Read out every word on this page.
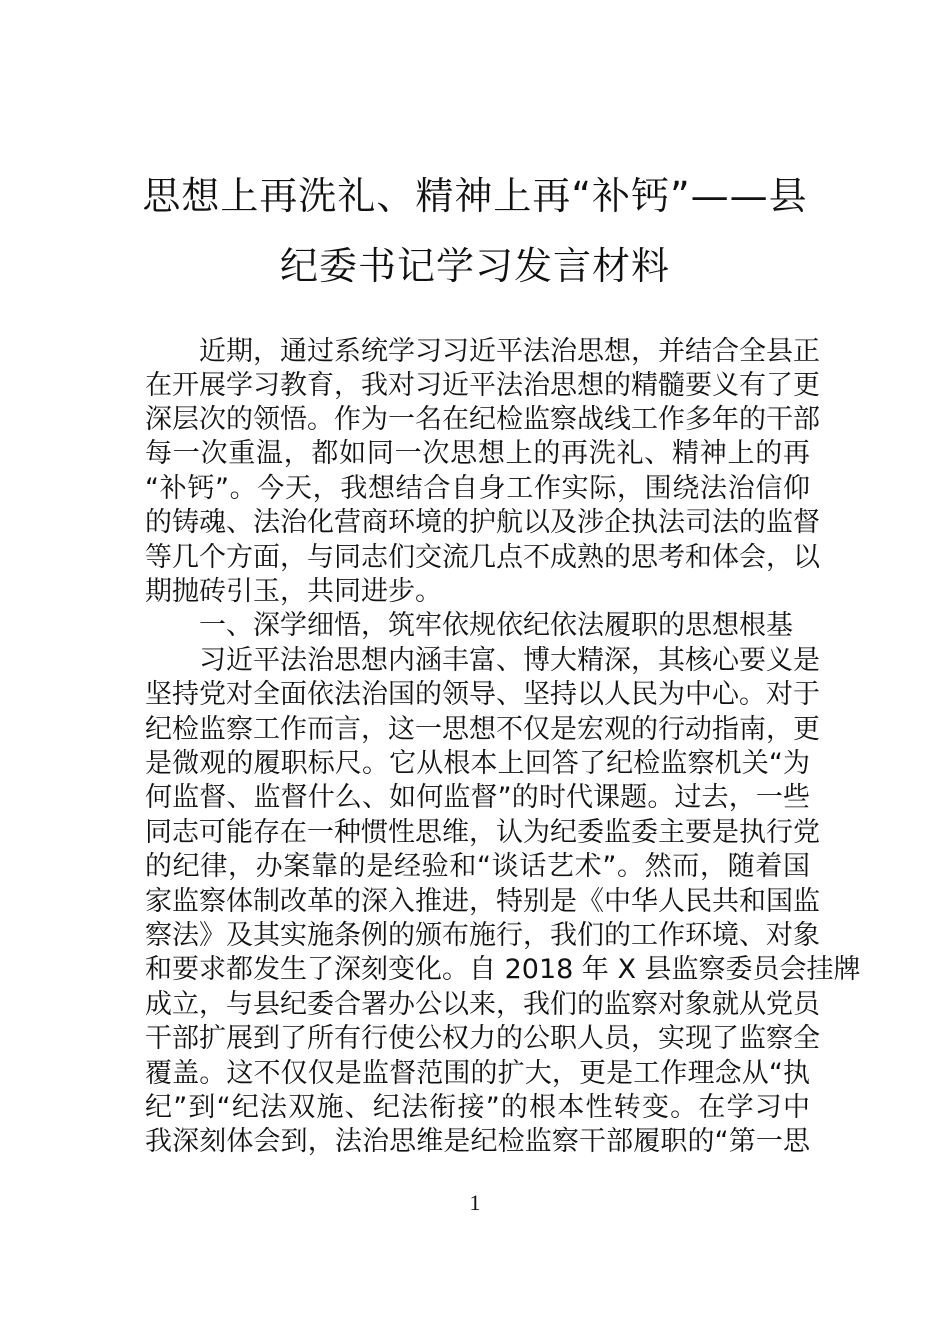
思想上再洗礼、精神上再“补钙”——县
纪委书记学习发言材料
近期，通过系统学习习近平法治思想，并结合全县正
在开展学习教育，我对习近平法治思想的精髓要义有了更
深层次的领悟。作为一名在纪检监察战线工作多年的干部
每一次重温，都如同一次思想上的再洗礼、精神上的再
“补钙”。今天，我想结合自身工作实际，围绕法治信仰
的铸魂、法治化营商环境的护航以及涉企执法司法的监督
等几个方面，与同志们交流几点不成熟的思考和体会，以
期抛砖引玉，共同进步。
一、深学细悟，筑牢依规依纪依法履职的思想根基
习近平法治思想内涵丰富、博大精深，其核心要义是
坚持党对全面依法治国的领导、坚持以人民为中心。对于
纪检监察工作而言，这一思想不仅是宏观的行动指南，更
是微观的履职标尺。它从根本上回答了纪检监察机关“为
何监督、监督什么、如何监督”的时代课题。过去，一些
同志可能存在一种惯性思维，认为纪委监委主要是执行党
的纪律，办案靠的是经验和“谈话艺术”。然而，随着国
家监察体制改革的深入推进，特别是《中华人民共和国监
察法》及其实施条例的颁布施行，我们的工作环境、对象
和要求都发生了深刻变化。自 2018 年 X 县监察委员会挂牌
成立，与县纪委合署办公以来，我们的监察对象就从党员
干部扩展到了所有行使公权力的公职人员，实现了监察全
覆盖。这不仅仅是监督范围的扩大，更是工作理念从“执
纪”到“纪法双施、纪法衔接”的根本性转变。在学习中
我深刻体会到，法治思维是纪检监察干部履职的“第一思
1
